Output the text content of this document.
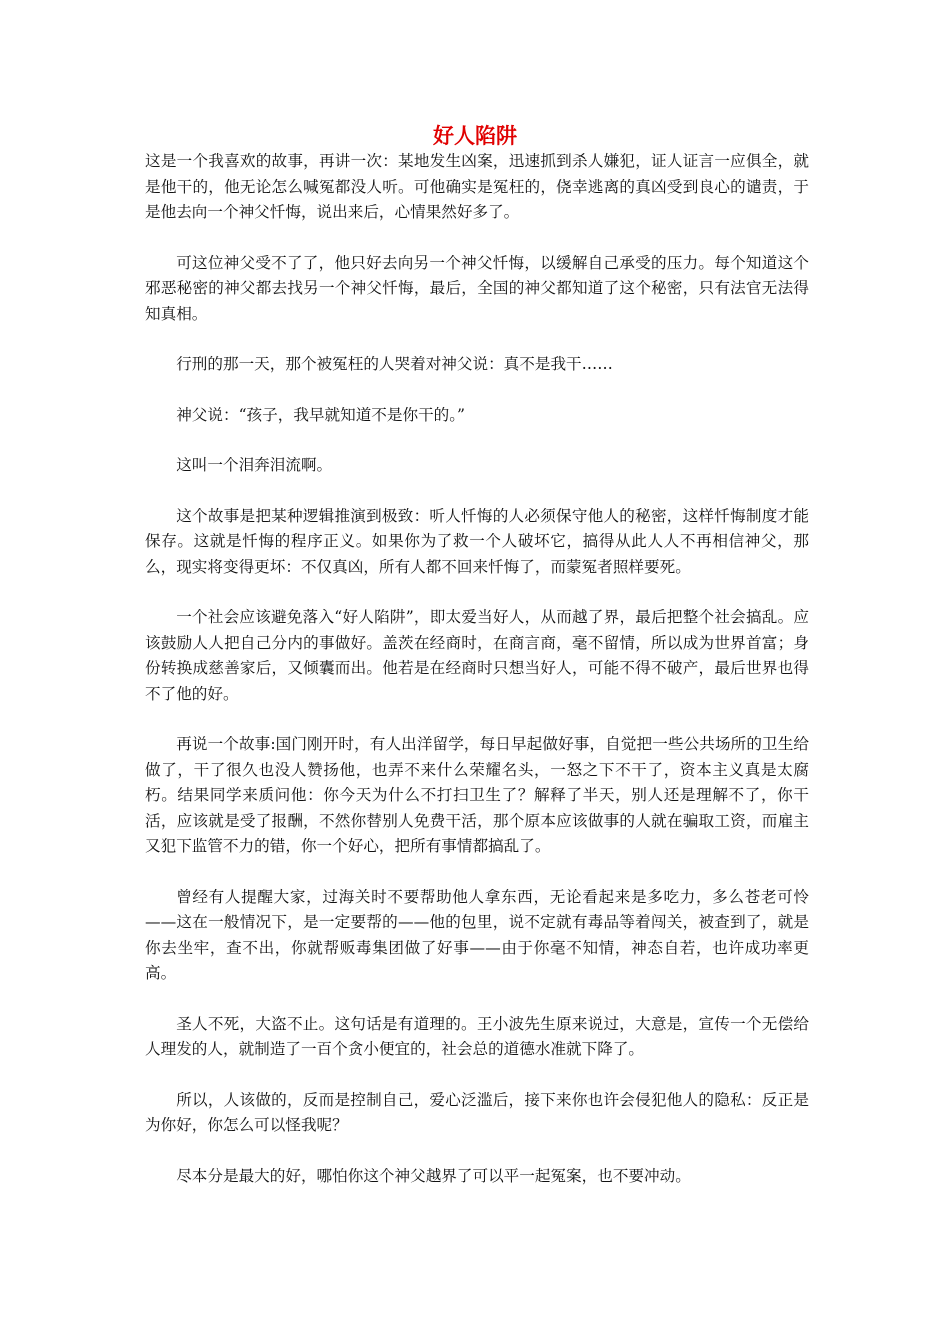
好人陷阱

这是一个我喜欢的故事，再讲一次：某地发生凶案，迅速抓到杀人嫌犯，证人证言一应俱全，就是他干的，他无论怎么喊冤都没人听。可他确实是冤枉的，侥幸逃离的真凶受到良心的谴责，于是他去向一个神父忏悔，说出来后，心情果然好多了。

可这位神父受不了了，他只好去向另一个神父忏悔，以缓解自己承受的压力。每个知道这个邪恶秘密的神父都去找另一个神父忏悔，最后，全国的神父都知道了这个秘密，只有法官无法得知真相。

行刑的那一天，那个被冤枉的人哭着对神父说：真不是我干……

神父说：“孩子，我早就知道不是你干的。”

这叫一个泪奔泪流啊。

这个故事是把某种逻辑推演到极致：听人忏悔的人必须保守他人的秘密，这样忏悔制度才能保存。这就是忏悔的程序正义。如果你为了救一个人破坏它，搞得从此人人不再相信神父，那么，现实将变得更坏：不仅真凶，所有人都不回来忏悔了，而蒙冤者照样要死。

一个社会应该避免落入“好人陷阱”，即太爱当好人，从而越了界，最后把整个社会搞乱。应该鼓励人人把自己分内的事做好。盖茨在经商时，在商言商，毫不留情，所以成为世界首富；身份转换成慈善家后，又倾囊而出。他若是在经商时只想当好人，可能不得不破产，最后世界也得不了他的好。

再说一个故事:国门刚开时，有人出洋留学，每日早起做好事，自觉把一些公共场所的卫生给做了，干了很久也没人赞扬他，也弄不来什么荣耀名头，一怒之下不干了，资本主义真是太腐朽。结果同学来质问他：你今天为什么不打扫卫生了？解释了半天，别人还是理解不了，你干活，应该就是受了报酬，不然你替别人免费干活，那个原本应该做事的人就在骗取工资，而雇主又犯下监管不力的错，你一个好心，把所有事情都搞乱了。

曾经有人提醒大家，过海关时不要帮助他人拿东西，无论看起来是多吃力，多么苍老可怜——这在一般情况下，是一定要帮的——他的包里，说不定就有毒品等着闯关，被查到了，就是你去坐牢，查不出，你就帮贩毒集团做了好事——由于你毫不知情，神态自若，也许成功率更高。

圣人不死，大盗不止。这句话是有道理的。王小波先生原来说过，大意是，宣传一个无偿给人理发的人，就制造了一百个贪小便宜的，社会总的道德水准就下降了。

所以，人该做的，反而是控制自己，爱心泛滥后，接下来你也许会侵犯他人的隐私：反正是为你好，你怎么可以怪我呢？

尽本分是最大的好，哪怕你这个神父越界了可以平一起冤案，也不要冲动。
